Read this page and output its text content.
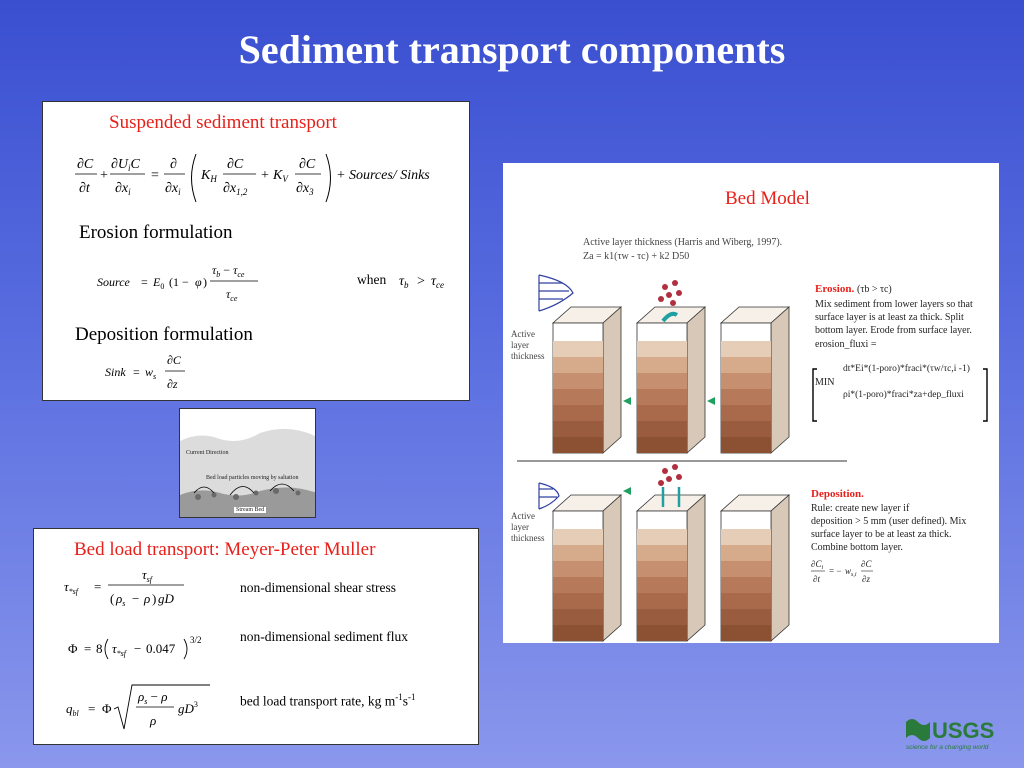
Sediment transport components
Suspended sediment transport
∂C
∂t
+
$\partial U_iC$
$\partial x_i$
=
∂
$\partial x_i$
$K_H$
∂C
$\partial x_{1,2}$
+ $K_V$
∂C
$\partial x_3$
+ Sources/ Sinks
Erosion formulation
Source = $E_0$ (1 − φ )
$\tau_b - \tau_{ce}$
$\tau_{ce}$
when $\tau_b > \tau_{ce}$
Deposition formulation
Sink = $w_s$
∂C
∂z
Current Direction
Bed load particles moving by saltation
Stream Bed
Bed load transport: Meyer-Peter Muller
$\tau_{*sf}$ =
$\tau_{sf}$
( $\rho_s - \rho$ ) gD
non-dimensional shear stress
Φ = 8 $\tau_{*sf} - 0.047$
3/2	non-dimensional sediment flux
$q_{bl} = \Phi$
$\rho_s - \rho$
ρ
$gD^3$	bed load transport rate, kg $m^{-1}s^{-1}$
Bed Model
Active layer thickness (Harris and Wiberg, 1997).
Za = k1(τw - τc) + k2 D50
Active layer thickness
Active layer thickness
Erosion. (τb > τc)
Mix sediment from lower layers so that
surface layer is at least za thick. Split
bottom layer. Erode from surface layer.
erosion_fluxi =
MIN
dt*Ei*(1-poro)*fraci*(τw/τc,i -1)
ρi*(1-poro)*fraci*za+dep_fluxi
Deposition.
Rule: create new layer if
deposition > 5 mm (user defined). Mix
surface layer to be at least za thick.
Combine bottom layer.
$\partial C_i$
∂t
= − $w_{s,i}$
∂C
∂z
USGS
science for a changing world
